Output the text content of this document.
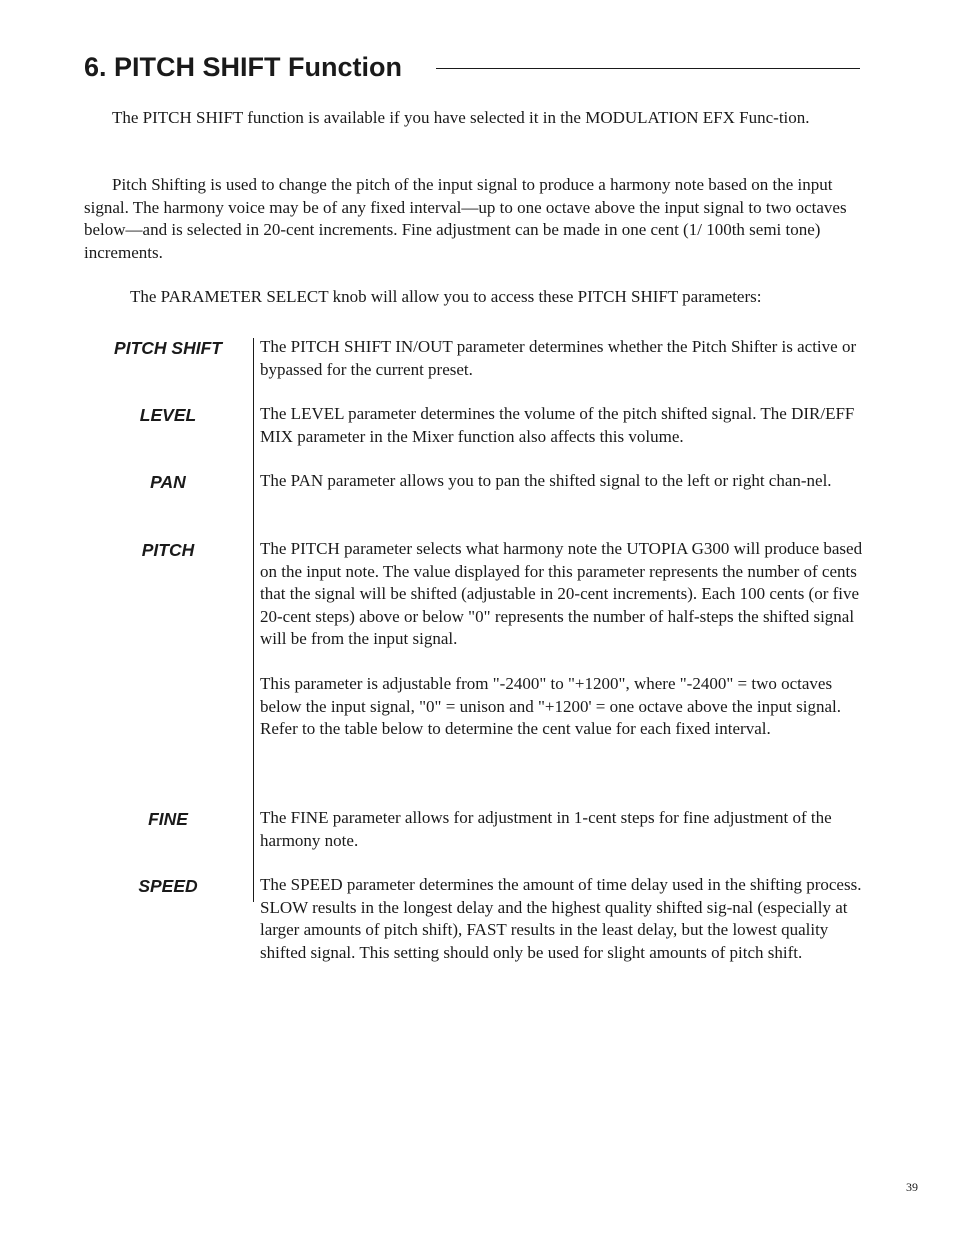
6. PITCH SHIFT Function

The PITCH SHIFT function is available if you have selected it in the MODULATION EFX Func-tion.

Pitch Shifting is used to change the pitch of the input signal to produce a harmony note based on the input signal. The harmony voice may be of any fixed interval—up to one octave above the input signal to two octaves below—and is selected in 20-cent increments. Fine adjustment can be made in one cent (1/ 100th semi tone) increments.

The PARAMETER SELECT knob will allow you to access these PITCH SHIFT parameters:

PITCH SHIFT	The PITCH SHIFT IN/OUT parameter determines whether the Pitch Shifter is active or bypassed for the current preset.

LEVEL	The LEVEL parameter determines the volume of the pitch shifted signal. The DIR/EFF MIX parameter in the Mixer function also affects this volume.

PAN	The PAN parameter allows you to pan the shifted signal to the left or right chan-nel.

PITCH	The PITCH parameter selects what harmony note the UTOPIA G300 will produce based on the input note. The value displayed for this parameter represents the number of cents that the signal will be shifted (adjustable in 20-cent increments). Each 100 cents (or five 20-cent steps) above or below "0" represents the number of half-steps the shifted signal will be from the input signal.

This parameter is adjustable from "-2400" to "+1200", where "-2400" = two octaves below the input signal, "0" = unison and "+1200' = one octave above the input signal. Refer to the table below to determine the cent value for each fixed interval.

FINE	The FINE parameter allows for adjustment in 1-cent steps for fine adjustment of the harmony note.

SPEED	The SPEED parameter determines the amount of time delay used in the shifting process. SLOW results in the longest delay and the highest quality shifted sig-nal (especially at larger amounts of pitch shift), FAST results in the least delay, but the lowest quality shifted signal. This setting should only be used for slight amounts of pitch shift.

39
